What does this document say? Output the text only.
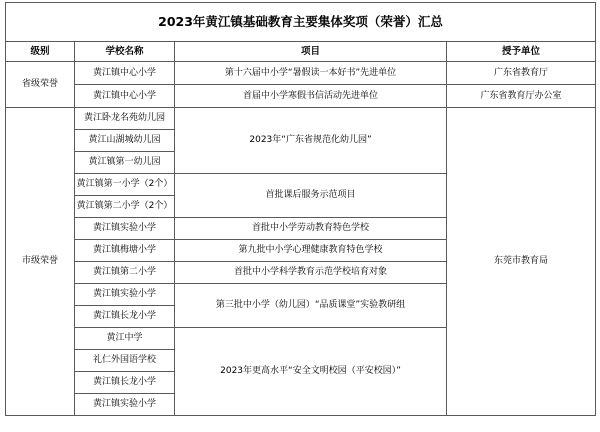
2023年黄江镇基础教育主要集体奖项（荣誉）汇总			
级别	学校名称	项目	授予单位
省级荣誉	黄江镇中心小学	第十六届中小学“暑假读一本好书”先进单位	广东省教育厅
	黄江镇中心小学	首届中小学寒假书信活动先进单位	广东省教育厅办公室
市级荣誉	黄江卧龙名苑幼儿园	2023年“广东省规范化幼儿园”	东莞市教育局
	黄江山湖城幼儿园		
	黄江镇第一幼儿园		
	黄江镇第一小学（2个）	首批课后服务示范项目	
	黄江镇第二小学（2个）		
	黄江镇实验小学	首批中小学劳动教育特色学校	
	黄江镇梅塘小学	第九批中小学心理健康教育特色学校	
	黄江镇第二小学	首批中小学科学教育示范学校培育对象	
	黄江镇实验小学	第三批中小学（幼儿园）“品质课堂”实验教研组	
	黄江镇长龙小学		
	黄江中学	2023年更高水平“安全文明校园（平安校园）”	
	礼仁外国语学校		
	黄江镇长龙小学		
	黄江镇实验小学		
